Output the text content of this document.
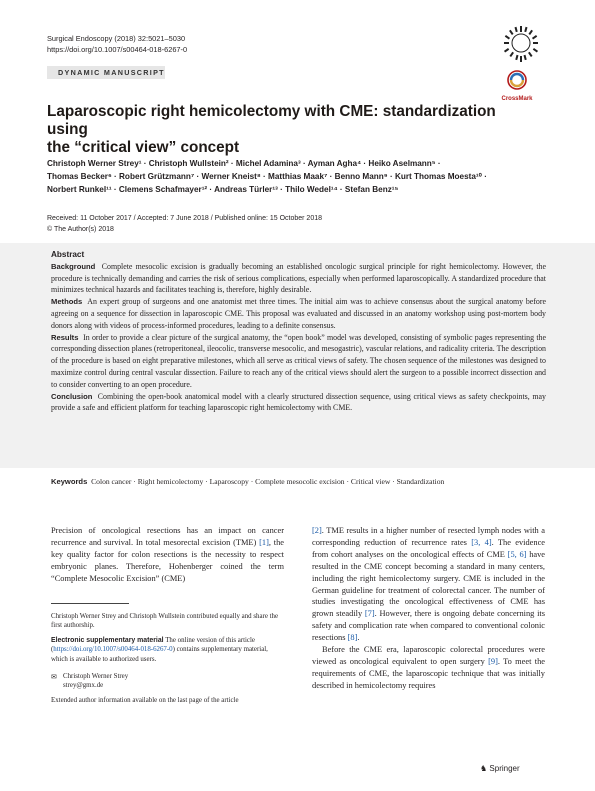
Surgical Endoscopy (2018) 32:5021–5030
https://doi.org/10.1007/s00464-018-6267-0
DYNAMIC MANUSCRIPT
CrossMark
Laparoscopic right hemicolectomy with CME: standardization using
the “critical view” concept
Christoph Werner Strey¹ · Christoph Wullstein² · Michel Adamina³ · Ayman Agha⁴ · Heiko Aselmann⁵ ·
Thomas Becker⁶ · Robert Grützmann⁷ · Werner Kneist⁸ · Matthias Maak⁷ · Benno Mann⁹ · Kurt Thomas Moesta¹⁰ ·
Norbert Runkel¹¹ · Clemens Schafmayer¹² · Andreas Türler¹³ · Thilo Wedel¹⁴ · Stefan Benz¹⁵
Received: 11 October 2017 / Accepted: 7 June 2018 / Published online: 15 October 2018
© The Author(s) 2018
Abstract

Background Complete mesocolic excision is gradually becoming an established oncologic surgical principle for right hemicolectomy. However, the procedure is technically demanding and carries the risk of serious complications, especially when performed laparoscopically. A standardized procedure that minimizes technical hazards and facilitates teaching is, therefore, highly desirable.

Methods An expert group of surgeons and one anatomist met three times. The initial aim was to achieve consensus about the surgical anatomy before agreeing on a sequence for dissection in laparoscopic CME. This proposal was evaluated and discussed in an anatomy workshop using post-mortem body donors along with videos of process-informed procedures, leading to a definite consensus.

Results In order to provide a clear picture of the surgical anatomy, the “open book” model was developed, consisting of symbolic pages representing the corresponding dissection planes (retroperitoneal, ileocolic, transverse mesocolic, and mesogastric), vascular relations, and radicality criteria. The description of the procedure is based on eight preparative milestones, which all serve as critical views of safety. The chosen sequence of the milestones was designed to maximize control during central vascular dissection. Failure to reach any of the critical views should alert the surgeon to a possible incorrect dissection and to consider converting to an open procedure.

Conclusion Combining the open-book anatomical model with a clearly structured dissection sequence, using critical views as safety checkpoints, may provide a safe and efficient platform for teaching laparoscopic right hemicolectomy with CME.

Keywords Colon cancer · Right hemicolectomy · Laparoscopy · Complete mesocolic excision · Critical view · Standardization
Precision of oncological resections has an impact on cancer recurrence and survival. In total mesorectal excision (TME) [1], the key quality factor for colon resections is the necessity to respect embryonic planes. Therefore, Hohenberger coined the term “Complete Mesocolic Excision” (CME)

Christoph Werner Strey and Christoph Wullstein contributed equally and share the first authorship.

Electronic supplementary material The online version of this article (https://doi.org/10.1007/s00464-018-6267-0) contains supplementary material, which is available to authorized users.

✉ Christoph Werner Strey
strey@gmx.de

Extended author information available on the last page of the article

[2]. TME results in a higher number of resected lymph nodes with a corresponding reduction of recurrence rates [3, 4]. The evidence from cohort analyses on the oncological effects of CME [5, 6] have resulted in the CME concept becoming a standard in many centers, including the right hemicolectomy surgery. CME is included in the German guideline for treatment of colorectal cancer. The number of studies investigating the oncological effectiveness of CME has grown steadily [7]. However, there is ongoing debate concerning its safety and complication rate when compared to conventional colonic resections [8].

Before the CME era, laparoscopic colorectal procedures were viewed as oncological equivalent to open surgery [9]. To meet the requirements of CME, the laparoscopic technique that was initially described in hemicolectomy requires

♞ Springer
